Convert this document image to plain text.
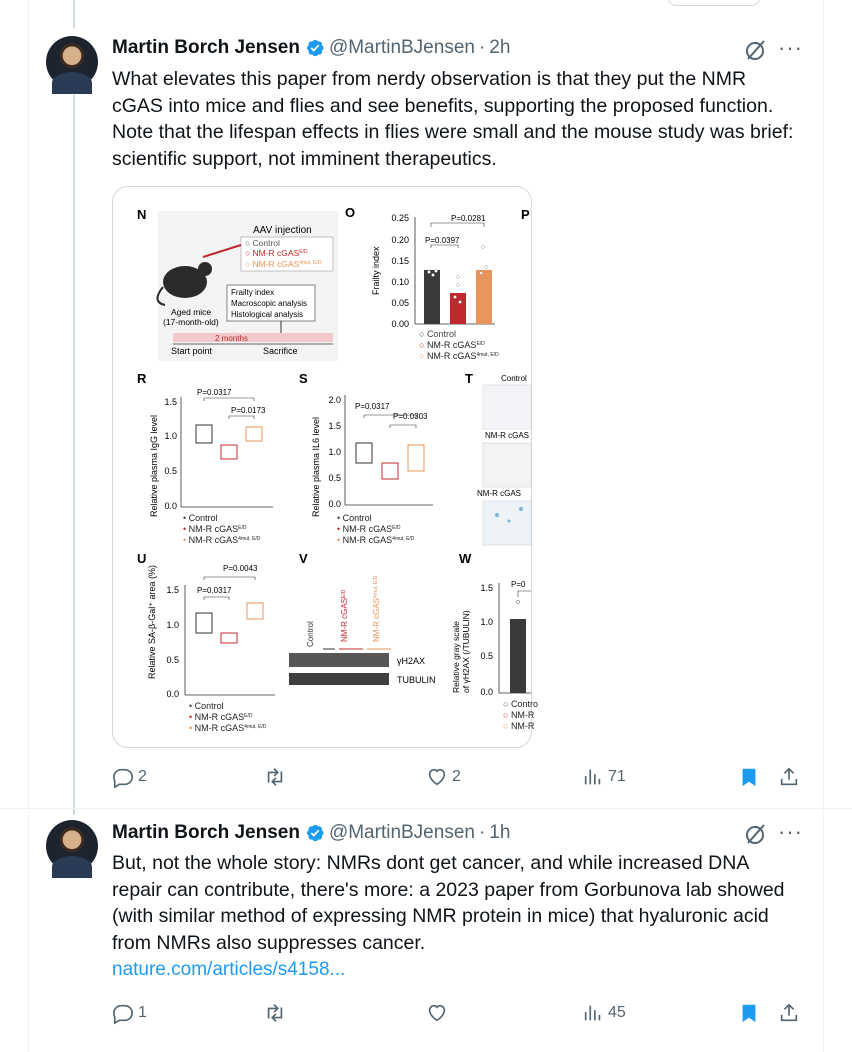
Martin Borch Jensen @MartinBJensen · 2h	···
What elevates this paper from nerdy observation is that they put the NMR cGAS into mice and flies and see benefits, supporting the proposed function. Note that the lifespan effects in flies were small and the mouse study was brief: scientific support, not imminent therapeutics.
N
AAV injection
○ Control
○ NM-R cGAS$^{E/D}$
○ NM-R cGAS$^{4mut, E/D}$
Aged mice
(17-month-old)
Frailty index
Macroscopic analysis
Histological analysis
2 months
Start point	Sacrifice
O
Frailty index
0.25
0.20
0.15
0.10
0.05
0.00
P=0.0281
P=0.0397
○ Control
○ NM-R cGAS$^{E/D}$
○ NM-R cGAS$^{4mut, E/D}$
P
R
Relative plasma IgG level
1.5
1.0
0.5
0.0
P=0.0317
P=0.0173
• Control
• NM-R cGAS$^{E/D}$
• NM-R cGAS$^{4mut, E/D}$
S
Relative plasma IL6 level
2.0
1.5
1.0
0.5
0.0
P=0.0317
P=0.0303
• Control
• NM-R cGAS$^{E/D}$
• NM-R cGAS$^{4mut, E/D}$
T	Control
NM-R cGAS
NM-R cGAS
U
Relative SA-β-Gal⁺ area (%) 1.5
1.0
0.5
0.0
P=0.0043
P=0.0317
• Control
• NM-R cGAS$^{E/D}$
• NM-R cGAS$^{4mut, E/D}$
V
Control	NM-R cGAS$^{E/D}$
NM-R cGAS$^{4mut, E/D}$
γH2AX
TUBULIN
W
Relative gray scale of γH2AX (/TUBULIN)
1.5
1.0
0.5
0.0
P=0
○ Contro
○ NM-R
○ NM-R
2	2	71
Martin Borch Jensen @MartinBJensen · 1h	···
But, not the whole story: NMRs dont get cancer, and while increased DNA repair can contribute, there's more: a 2023 paper from Gorbunova lab showed (with similar method of expressing NMR protein in mice) that hyaluronic acid from NMRs also suppresses cancer.
nature.com/articles/s4158...
1	45
